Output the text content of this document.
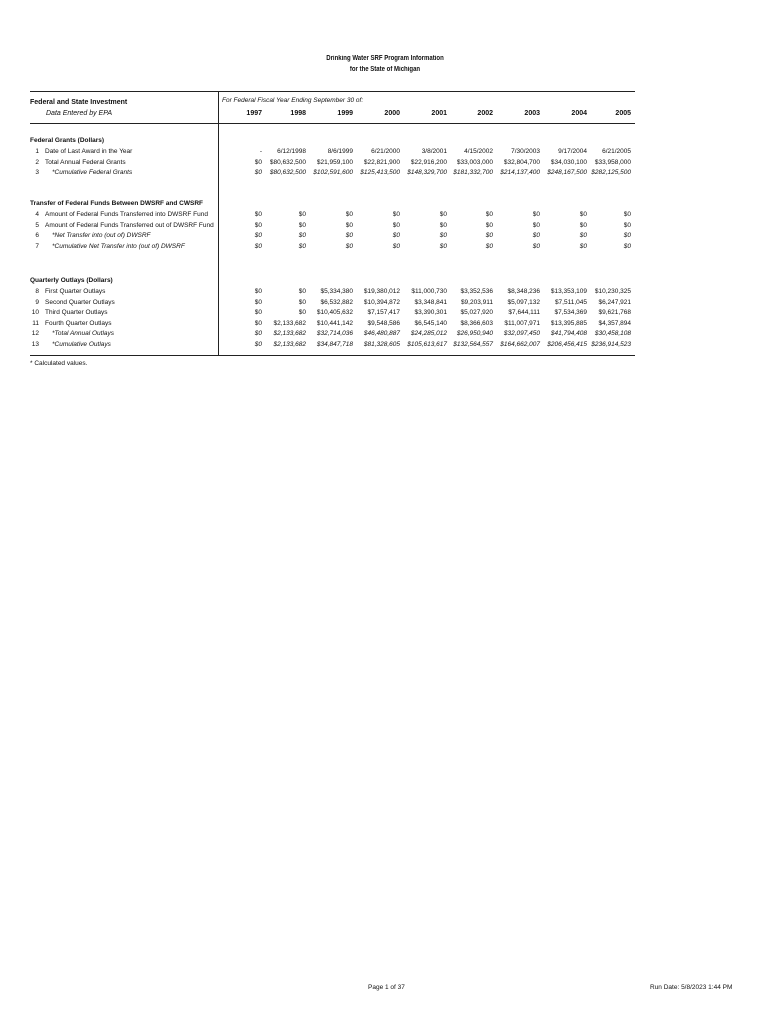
Drinking Water SRF Program Information
for the State of Michigan
Federal and State Investment
Data Entered by EPA
For Federal Fiscal Year Ending September 30 of:
1997	1998	1999	2000	2001	2002	2003	2004	2005
Federal Grants (Dollars)
1 Date of Last Award in the Year	-	6/12/1998	8/6/1999	6/21/2000	3/8/2001	4/15/2002	7/30/2003	9/17/2004	6/21/2005
2 Total Annual Federal Grants	$0	$80,632,500	$21,959,100	$22,821,900	$22,916,200	$33,003,000	$32,804,700	$34,030,100	$33,958,000
3 *Cumulative Federal Grants	$0	$80,632,500	$102,591,600	$125,413,500	$148,329,700 $181,332,700	$214,137,400	$248,167,500 $282,125,500
Transfer of Federal Funds Between DWSRF and CWSRF
4 Amount of Federal Funds Transferred into DWSRF Fund	$0	$0	$0	$0	$0	$0	$0	$0	$0
5 Amount of Federal Funds Transferred out of DWSRF Fund	$0	$0	$0	$0	$0	$0	$0	$0	$0
6 *Net Transfer into (out of) DWSRF	$0	$0	$0	$0	$0	$0	$0	$0	$0
7 *Cumulative Net Transfer into (out of) DWSRF	$0	$0	$0	$0	$0	$0	$0	$0	$0
Quarterly Outlays (Dollars)
8 First Quarter Outlays	$0	$0	$5,334,380	$19,380,012	$11,000,730	$3,352,536	$8,348,236	$13,353,109	$10,230,325
9 Second Quarter Outlays	$0	$0	$6,532,882	$10,394,872	$3,348,841	$9,203,911	$5,097,132	$7,511,045	$6,247,921
10 Third Quarter Outlays	$0	$0	$10,405,632	$7,157,417	$3,390,301	$5,027,920	$7,644,111	$7,534,369	$9,621,768
11 Fourth Quarter Outlays	$0	$2,133,682	$10,441,142	$9,548,586	$6,545,140	$8,366,603	$11,007,971	$13,395,885	$4,357,894
12 *Total Annual Outlays	$0	$2,133,682	$32,714,036	$46,480,887	$24,285,012	$26,950,940	$32,097,450	$41,794,408	$30,458,108
13 *Cumulative Outlays	$0	$2,133,682	$34,847,718	$81,328,605	$105,613,617 $132,564,557	$164,662,007	$206,456,415 $236,914,523
* Calculated values.
Page 1 of 37	Run Date: 5/8/2023 1:44 PM
